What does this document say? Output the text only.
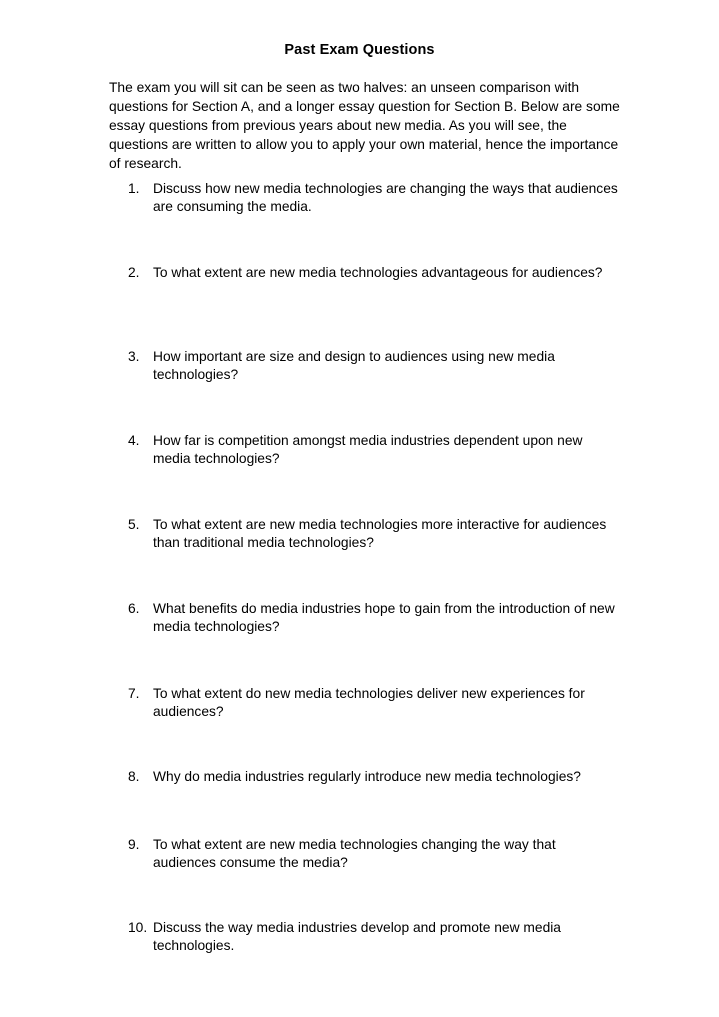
Past Exam Questions

The exam you will sit can be seen as two halves: an unseen comparison with questions for Section A, and a longer essay question for Section B. Below are some essay questions from previous years about new media. As you will see, the questions are written to allow you to apply your own material, hence the importance of research.

1. Discuss how new media technologies are changing the ways that audiences are consuming the media.
2. To what extent are new media technologies advantageous for audiences?
3. How important are size and design to audiences using new media technologies?
4. How far is competition amongst media industries dependent upon new media technologies?
5. To what extent are new media technologies more interactive for audiences than traditional media technologies?
6. What benefits do media industries hope to gain from the introduction of new media technologies?
7. To what extent do new media technologies deliver new experiences for audiences?
8. Why do media industries regularly introduce new media technologies?
9. To what extent are new media technologies changing the way that audiences consume the media?
10. Discuss the way media industries develop and promote new media technologies.
